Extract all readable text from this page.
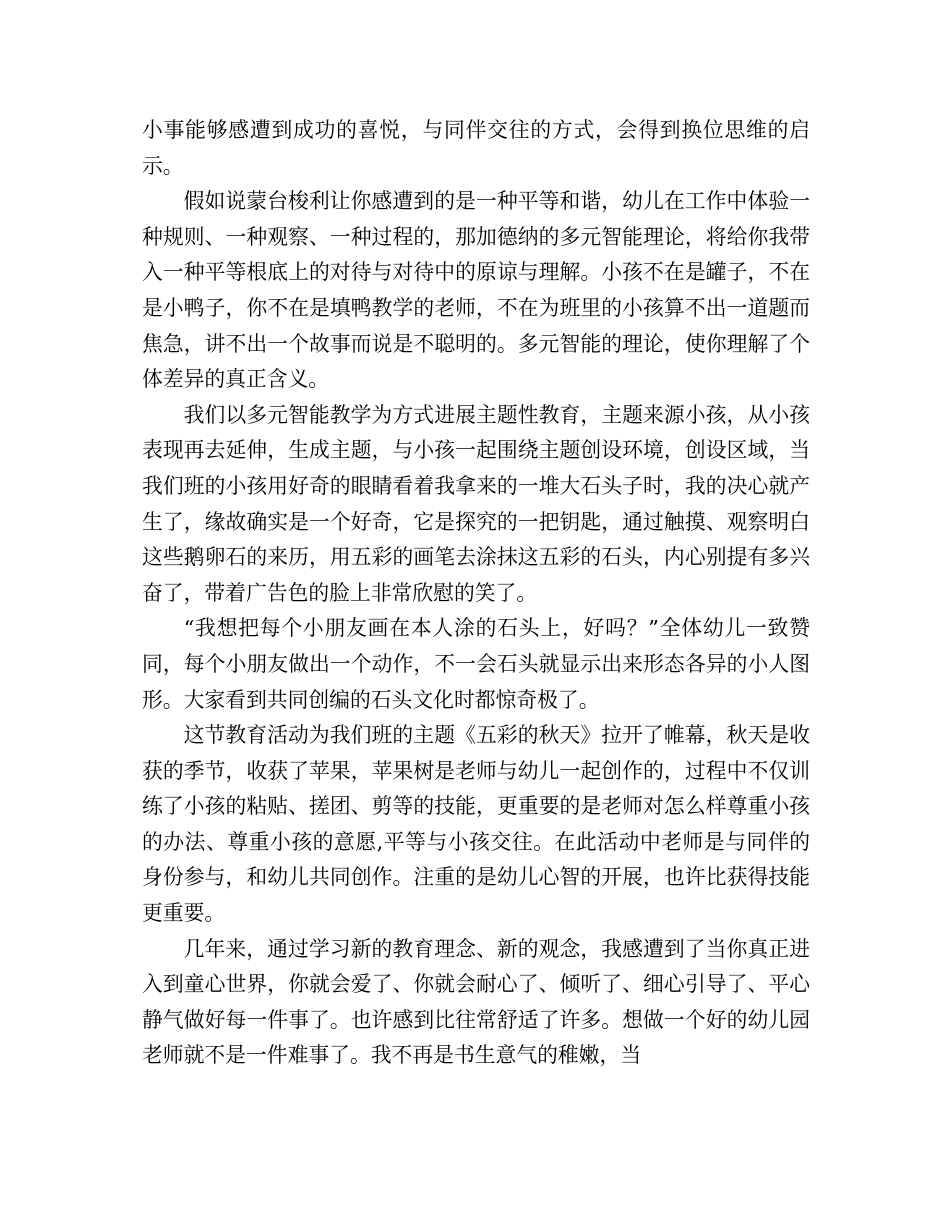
小事能够感遭到成功的喜悦，与同伴交往的方式，会得到换位思维的启示。

假如说蒙台梭利让你感遭到的是一种平等和谐，幼儿在工作中体验一种规则、一种观察、一种过程的，那加德纳的多元智能理论，将给你我带入一种平等根底上的对待与对待中的原谅与理解。小孩不在是罐子，不在是小鸭子，你不在是填鸭教学的老师，不在为班里的小孩算不出一道题而焦急，讲不出一个故事而说是不聪明的。多元智能的理论，使你理解了个体差异的真正含义。

我们以多元智能教学为方式进展主题性教育，主题来源小孩，从小孩表现再去延伸，生成主题，与小孩一起围绕主题创设环境，创设区域，当我们班的小孩用好奇的眼睛看着我拿来的一堆大石头子时，我的决心就产生了，缘故确实是一个好奇，它是探究的一把钥匙，通过触摸、观察明白这些鹅卵石的来历，用五彩的画笔去涂抹这五彩的石头，内心别提有多兴奋了，带着广告色的脸上非常欣慰的笑了。

“我想把每个小朋友画在本人涂的石头上，好吗？”全体幼儿一致赞同，每个小朋友做出一个动作，不一会石头就显示出来形态各异的小人图形。大家看到共同创编的石头文化时都惊奇极了。

这节教育活动为我们班的主题《五彩的秋天》拉开了帷幕，秋天是收获的季节，收获了苹果，苹果树是老师与幼儿一起创作的，过程中不仅训练了小孩的粘贴、搓团、剪等的技能，更重要的是老师对怎么样尊重小孩的办法、尊重小孩的意愿,平等与小孩交往。在此活动中老师是与同伴的身份参与，和幼儿共同创作。注重的是幼儿心智的开展，也许比获得技能更重要。

几年来，通过学习新的教育理念、新的观念，我感遭到了当你真正进入到童心世界，你就会爱了、你就会耐心了、倾听了、细心引导了、平心静气做好每一件事了。也许感到比往常舒适了许多。想做一个好的幼儿园老师就不是一件难事了。我不再是书生意气的稚嫩，当
